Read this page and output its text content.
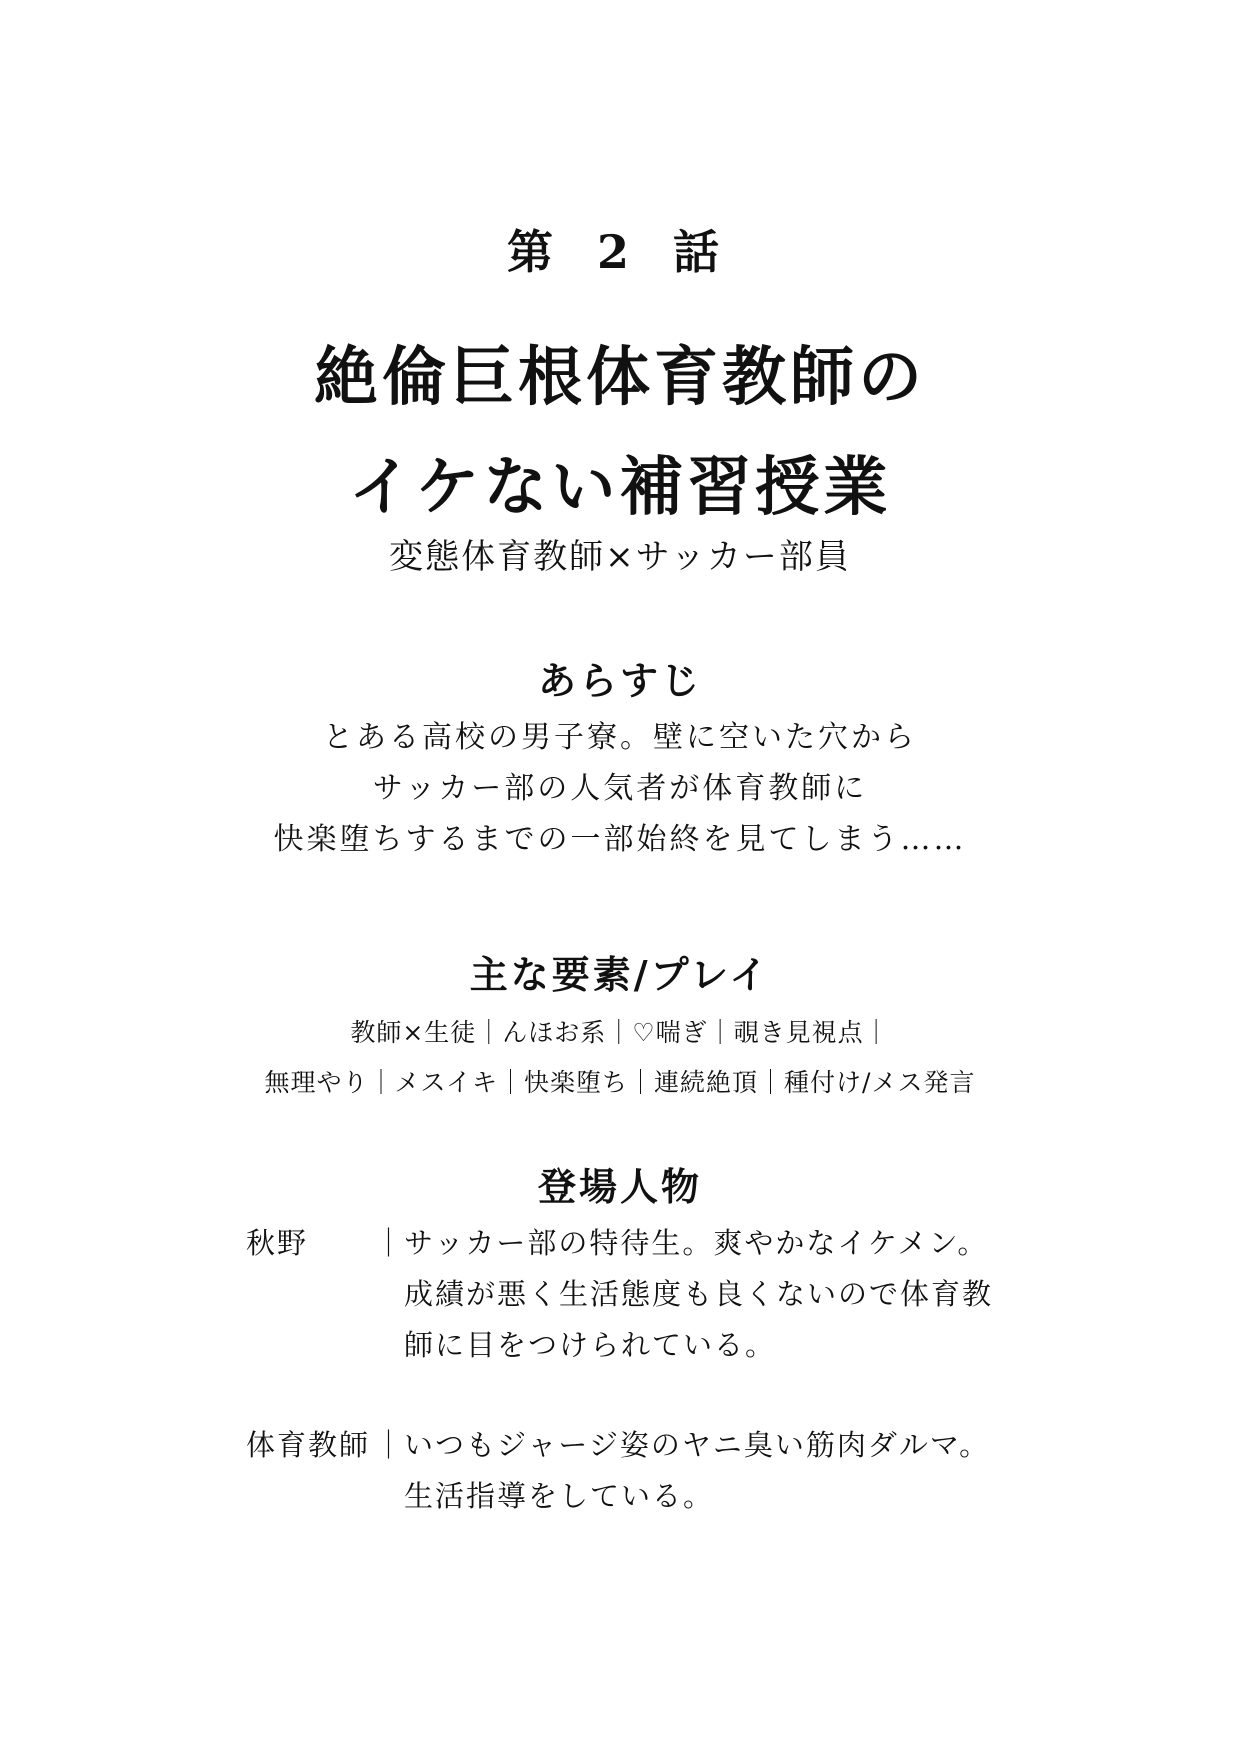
第 2 話
絶倫巨根体育教師の
イケない補習授業
変態体育教師×サッカー部員
あらすじ
とある高校の男子寮。壁に空いた穴から
サッカー部の人気者が体育教師に
快楽堕ちするまでの一部始終を見てしまう……
主な要素/プレイ
教師×生徒｜んほお系｜♡喘ぎ｜覗き見視点｜
無理やり｜メスイキ｜快楽堕ち｜連続絶頂｜種付け/メス発言
登場人物
秋野	｜
サッカー部の特待生。爽やかなイケメン。
成績が悪く生活態度も良くないので体育教
師に目をつけられている。
体育教師 ｜
いつもジャージ姿のヤニ臭い筋肉ダルマ。
生活指導をしている。
